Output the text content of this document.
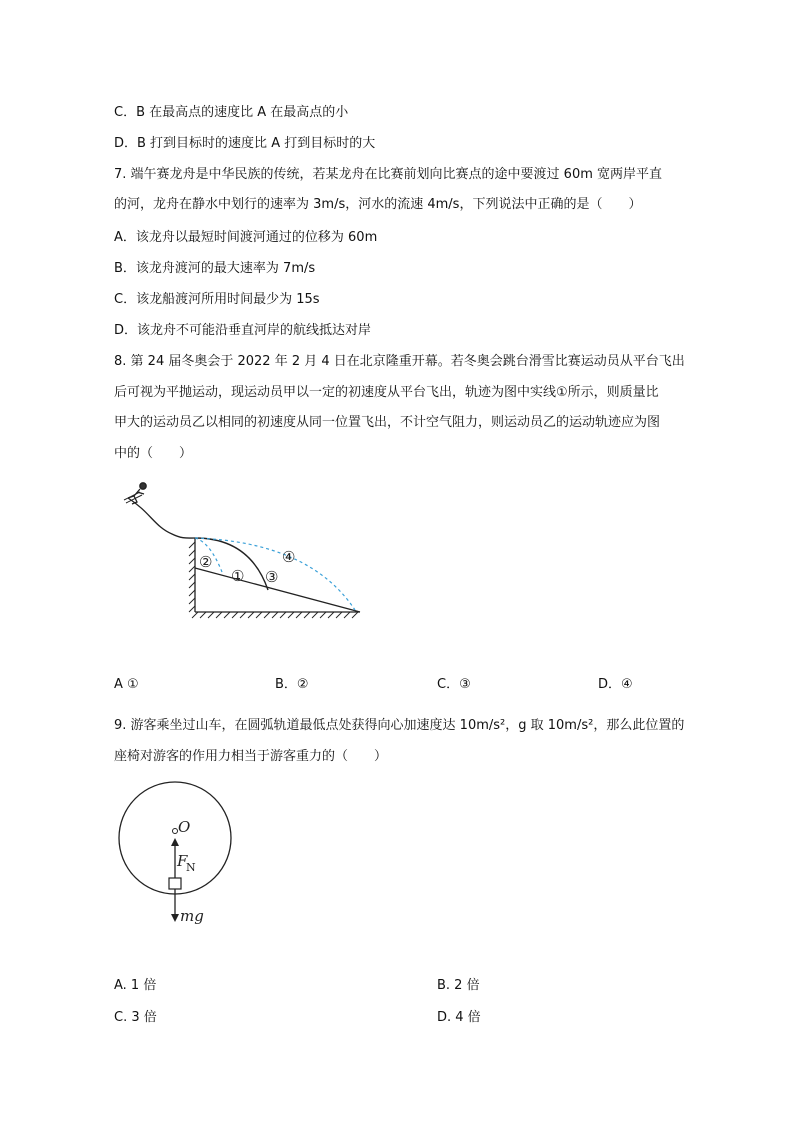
C．B 在最高点的速度比 A 在最高点的小
D．B 打到目标时的速度比 A 打到目标时的大
7. 端午赛龙舟是中华民族的传统，若某龙舟在比赛前划向比赛点的途中要渡过 60m 宽两岸平直
的河，龙舟在静水中划行的速率为 3m/s，河水的流速 4m/s，下列说法中正确的是（　　）
A．该龙舟以最短时间渡河通过的位移为 60m
B．该龙舟渡河的最大速率为 7m/s
C．该龙船渡河所用时间最少为 15s
D．该龙舟不可能沿垂直河岸的航线抵达对岸
8. 第 24 届冬奥会于 2022 年 2 月 4 日在北京隆重开幕。若冬奥会跳台滑雪比赛运动员从平台飞出
后可视为平抛运动，现运动员甲以一定的初速度从平台飞出，轨迹为图中实线①所示，则质量比
甲大的运动员乙以相同的初速度从同一位置飞出，不计空气阻力，则运动员乙的运动轨迹应为图
中的（　　）
②
① ③
④
A ①	B．②	C．③	D．④
9. 游客乘坐过山车，在圆弧轨道最低点处获得向心加速度达 10m/s²，g 取 10m/s²，那么此位置的
座椅对游客的作用力相当于游客重力的（　　）
O
F
N
mg
A. 1 倍	B. 2 倍
C. 3 倍	D. 4 倍
